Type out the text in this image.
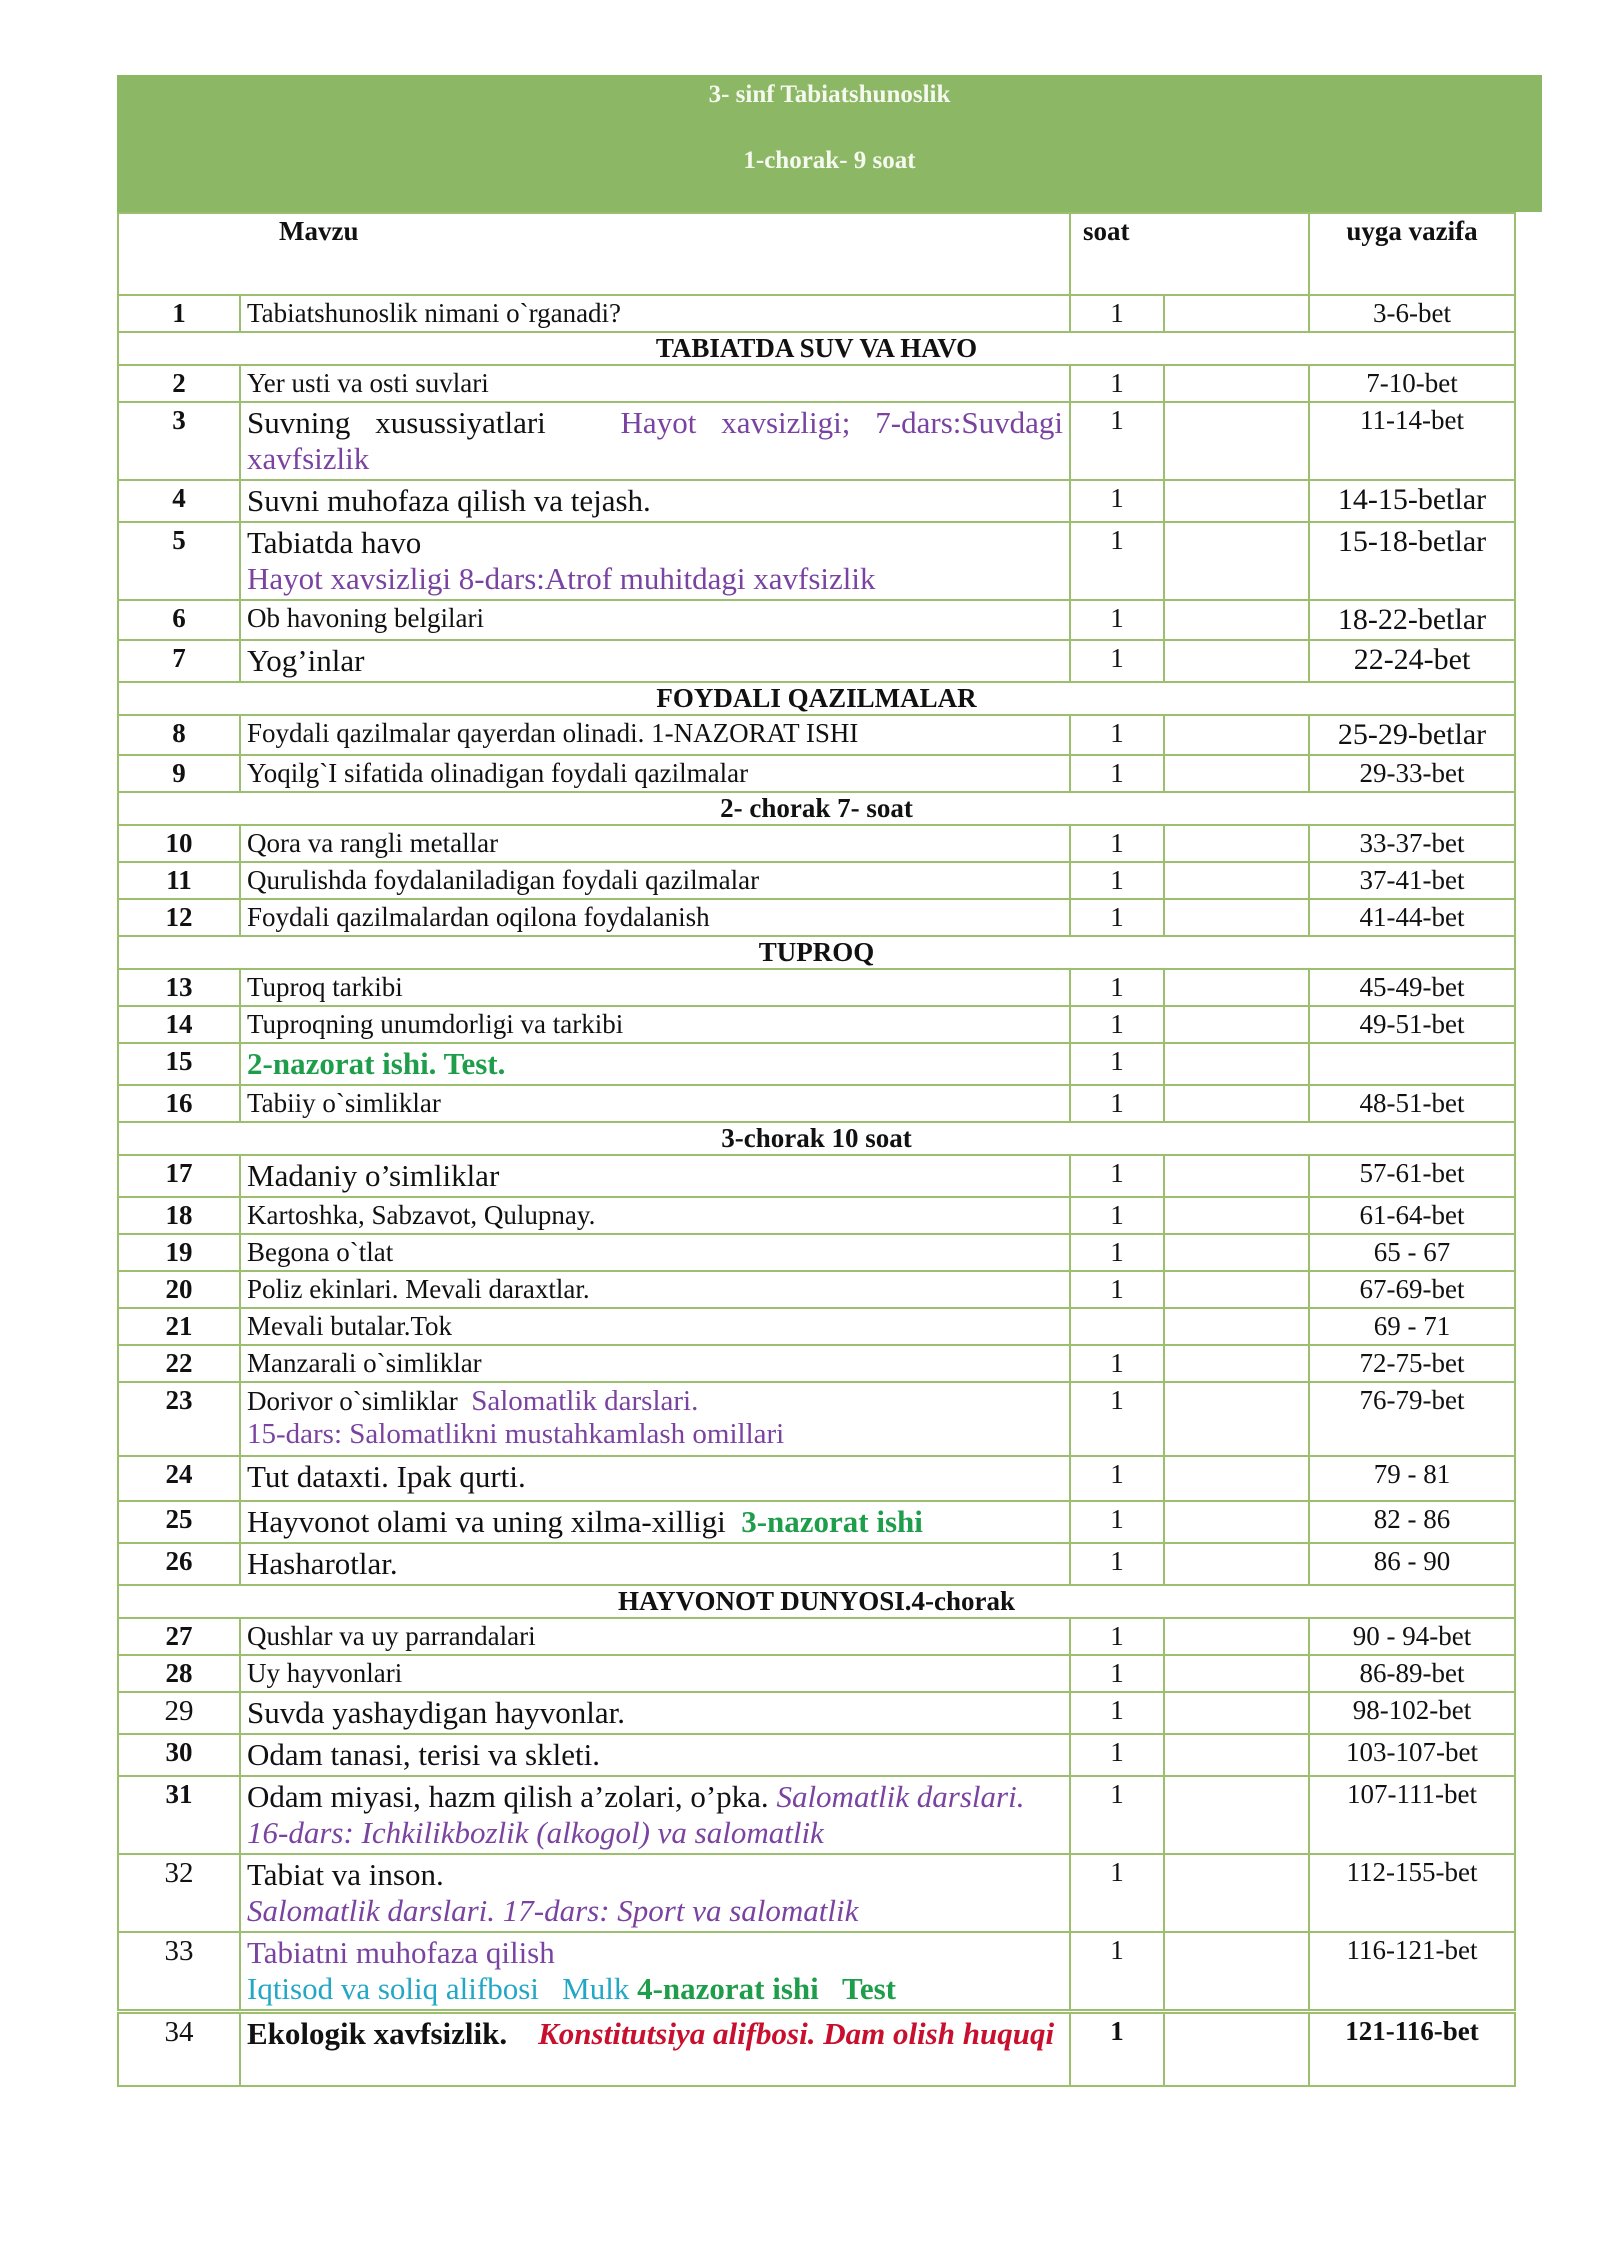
3- sinf Tabiatshunoslik
1-chorak- 9 soat
Mavzu		soat		uyga vazifa
1	Tabiatshunoslik nimani o`rganadi?	1		3-6-bet
TABIATDA SUV VA HAVO				
2	Yer usti va osti suvlari	1		7-10-bet
3	Suvning xusussiyatlari Hayot xavsizligi; 7-dars:Suvdagi xavfsizlik	1		11-14-bet
4	Suvni muhofaza qilish va tejash.	1		14-15-betlar
5	Tabiatda havo
Hayot xavsizligi 8-dars:Atrof muhitdagi xavfsizlik	1		15-18-betlar
6	Ob havoning belgilari	1		18-22-betlar
7	Yog’inlar	1		22-24-bet
FOYDALI QAZILMALAR				
8	Foydali qazilmalar qayerdan olinadi. 1-NAZORAT ISHI	1		25-29-betlar
9	Yoqilg`I sifatida olinadigan foydali qazilmalar	1		29-33-bet
2- chorak 7- soat				
10	Qora va rangli metallar	1		33-37-bet
11	Qurulishda foydalaniladigan foydali qazilmalar	1		37-41-bet
12	Foydali qazilmalardan oqilona foydalanish	1		41-44-bet
TUPROQ				
13	Tuproq tarkibi	1		45-49-bet
14	Tuproqning unumdorligi va tarkibi	1		49-51-bet
15	2-nazorat ishi. Test.	1		
16	Tabiiy o`simliklar	1		48-51-bet
3-chorak 10 soat				
17	Madaniy o’simliklar	1		57-61-bet
18	Kartoshka, Sabzavot, Qulupnay.	1		61-64-bet
19	Begona o`tlat	1		65 - 67
20	Poliz ekinlari. Mevali daraxtlar.	1		67-69-bet
21	Mevali butalar.Tok			69 - 71
22	Manzarali o`simliklar	1		72-75-bet
23	Dorivor o`simliklar Salomatlik darslari.
15-dars: Salomatlikni mustahkamlash omillari	1		76-79-bet
24	Tut dataxti. Ipak qurti.	1		79 - 81
25	Hayvonot olami va uning xilma-xilligi 3-nazorat ishi	1		82 - 86
26	Hasharotlar.	1		86 - 90
HAYVONOT DUNYOSI.4-chorak				
27	Qushlar va uy parrandalari	1		90 - 94-bet
28	Uy hayvonlari	1		86-89-bet
29	Suvda yashaydigan hayvonlar.	1		98-102-bet
30	Odam tanasi, terisi va skleti.	1		103-107-bet
31	Odam miyasi, hazm qilish a’zolari, o’pka. Salomatlik darslari.
16-dars: Ichkilikbozlik (alkogol) va salomatlik	1		107-111-bet
32	Tabiat va inson.
Salomatlik darslari. 17-dars: Sport va salomatlik	1		112-155-bet
33	Tabiatni muhofaza qilish
Iqtisod va soliq alifbosi Mulk 4-nazorat ishi Test	1		116-121-bet
34	Ekologik xavfsizlik. Konstitutsiya alifbosi. Dam olish huquqi	1		121-116-bet
